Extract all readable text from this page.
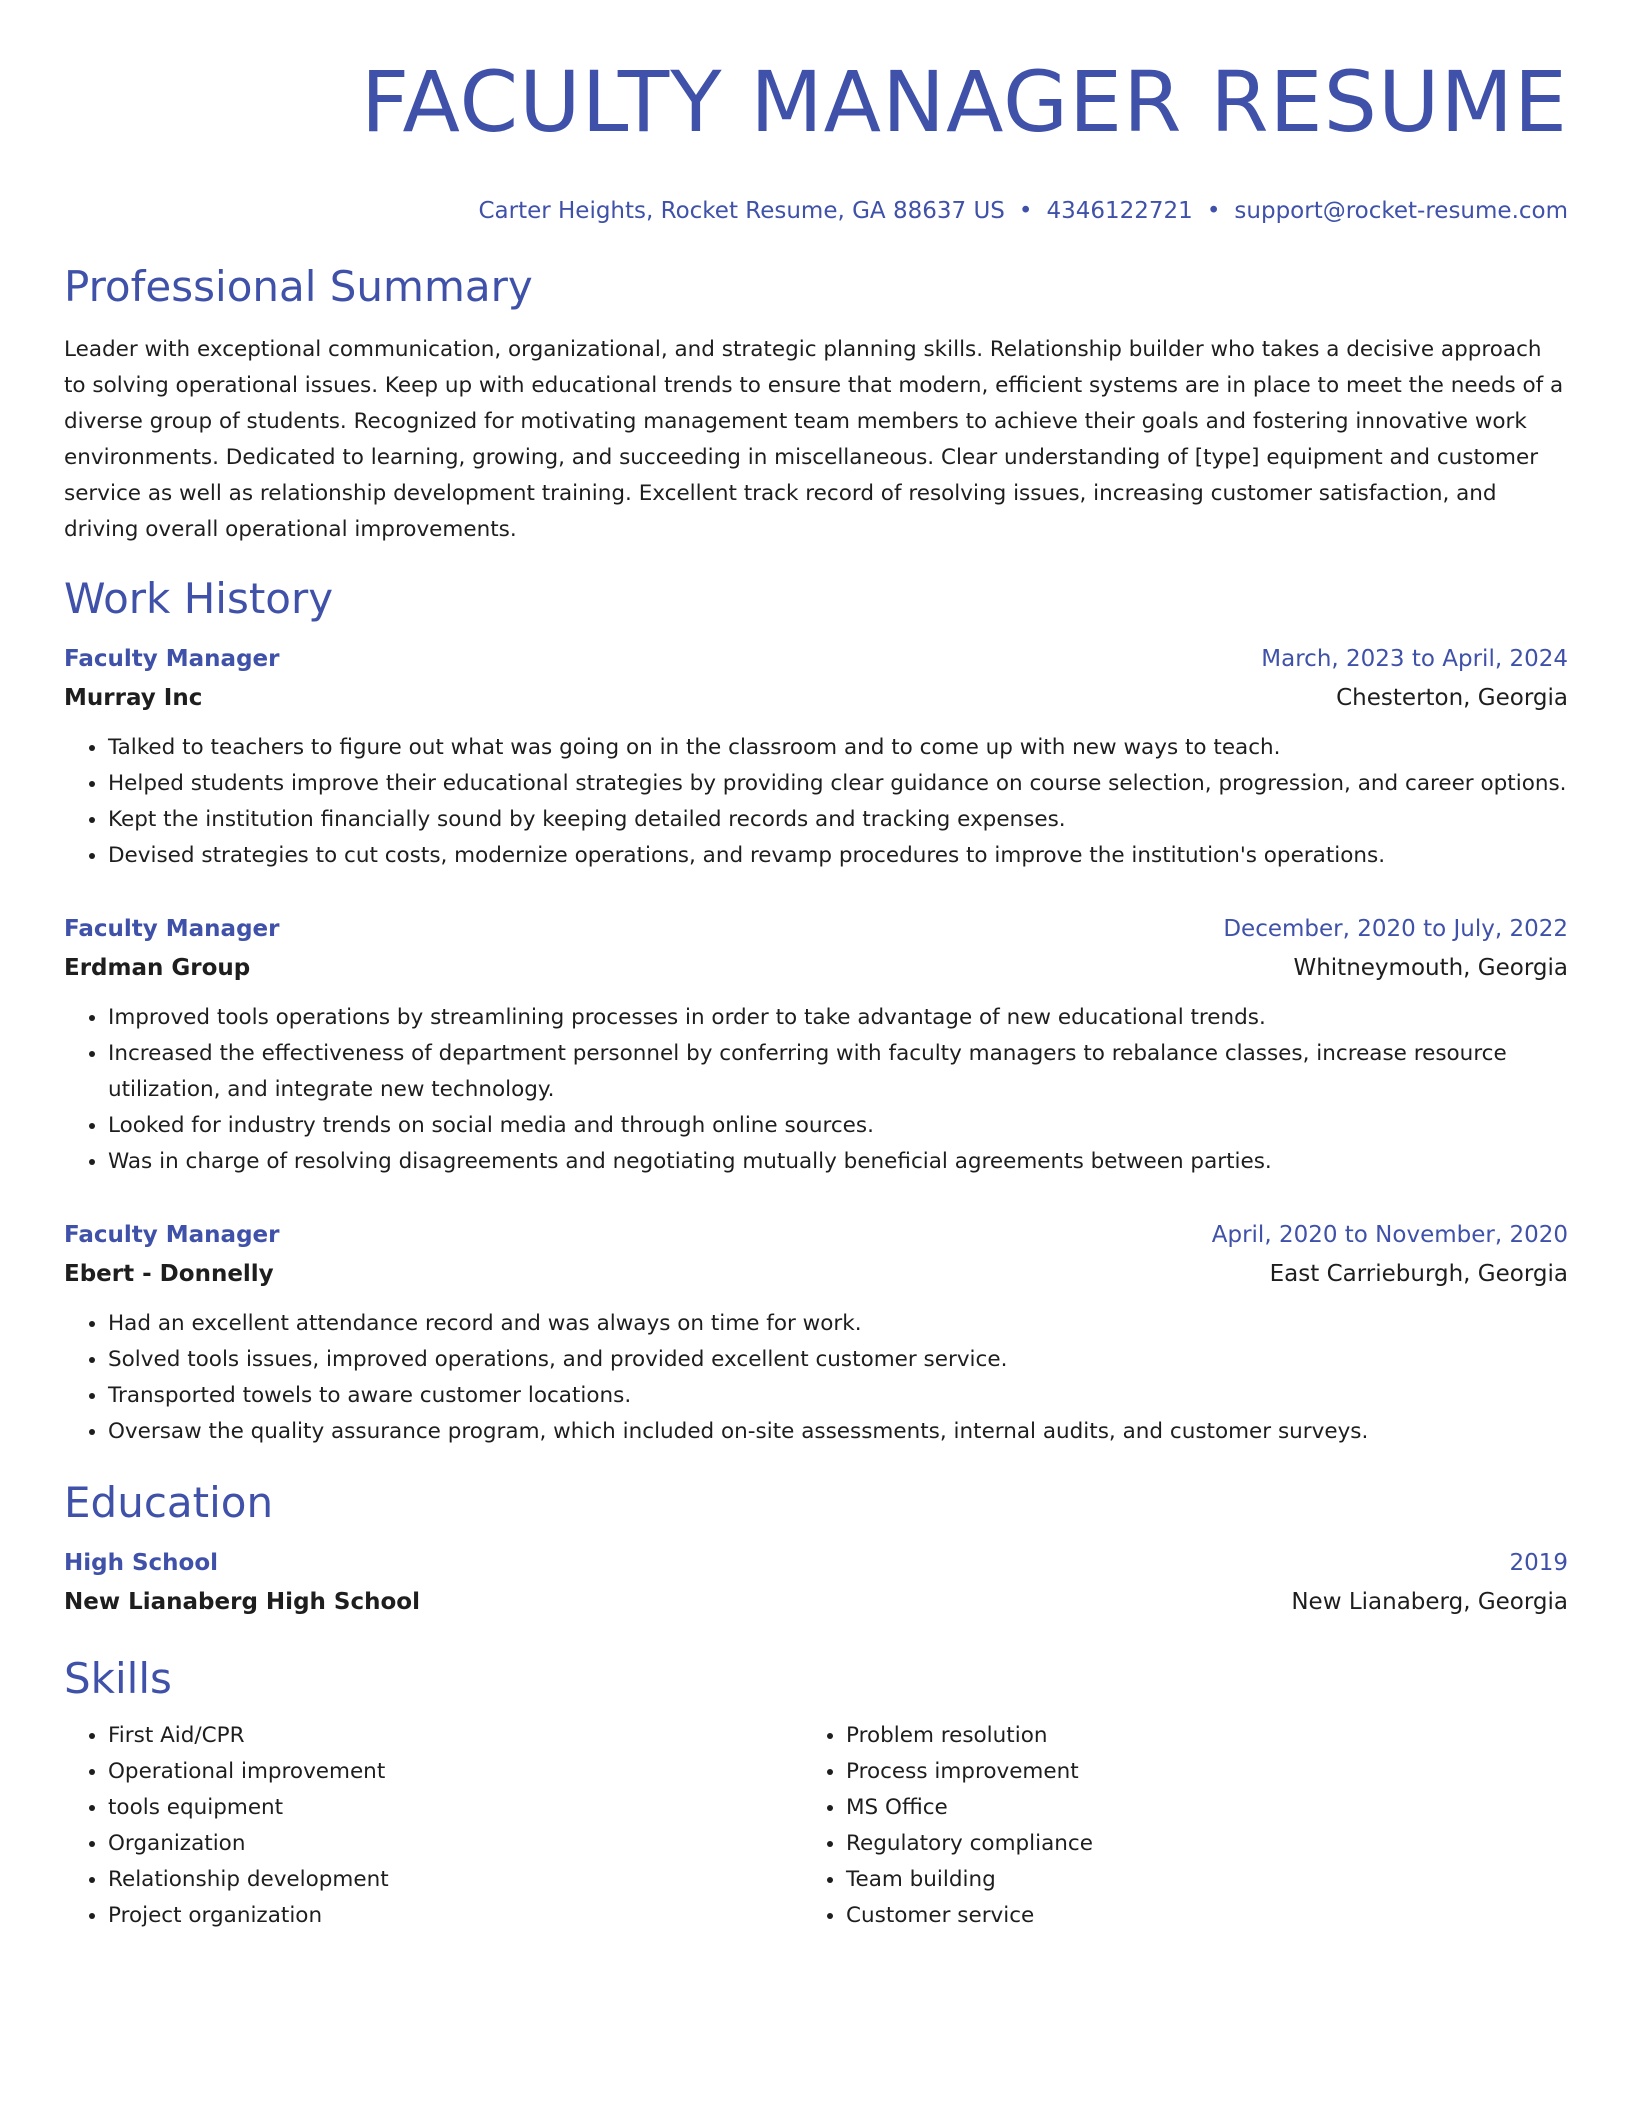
FACULTY MANAGER RESUME
Carter Heights, Rocket Resume, GA 88637 US • 4346122721 • support@rocket-resume.com
Professional Summary

Leader with exceptional communication, organizational, and strategic planning skills. Relationship builder who takes a decisive approach to solving operational issues. Keep up with educational trends to ensure that modern, efficient systems are in place to meet the needs of a diverse group of students. Recognized for motivating management team members to achieve their goals and fostering innovative work environments. Dedicated to learning, growing, and succeeding in miscellaneous. Clear understanding of [type] equipment and customer service as well as relationship development training. Excellent track record of resolving issues, increasing customer satisfaction, and driving overall operational improvements.

Work History
Faculty Manager	March, 2023 to April, 2024
Murray Inc	Chesterton, Georgia
• Talked to teachers to figure out what was going on in the classroom and to come up with new ways to teach.
• Helped students improve their educational strategies by providing clear guidance on course selection, progression, and career options.
• Kept the institution financially sound by keeping detailed records and tracking expenses.
• Devised strategies to cut costs, modernize operations, and revamp procedures to improve the institution's operations.
Faculty Manager	December, 2020 to July, 2022
Erdman Group	Whitneymouth, Georgia
• Improved tools operations by streamlining processes in order to take advantage of new educational trends.
• Increased the effectiveness of department personnel by conferring with faculty managers to rebalance classes, increase resource utilization, and integrate new technology.
• Looked for industry trends on social media and through online sources.
• Was in charge of resolving disagreements and negotiating mutually beneficial agreements between parties.
Faculty Manager	April, 2020 to November, 2020
Ebert - Donnelly	East Carrieburgh, Georgia
• Had an excellent attendance record and was always on time for work.
• Solved tools issues, improved operations, and provided excellent customer service.
• Transported towels to aware customer locations.
• Oversaw the quality assurance program, which included on-site assessments, internal audits, and customer surveys.
Education
High School	2019
New Lianaberg High School	New Lianaberg, Georgia
Skills
• First Aid/CPR
• Operational improvement
• tools equipment
• Organization
• Relationship development
• Project organization
• Problem resolution
• Process improvement
• MS Office
• Regulatory compliance
• Team building
• Customer service
